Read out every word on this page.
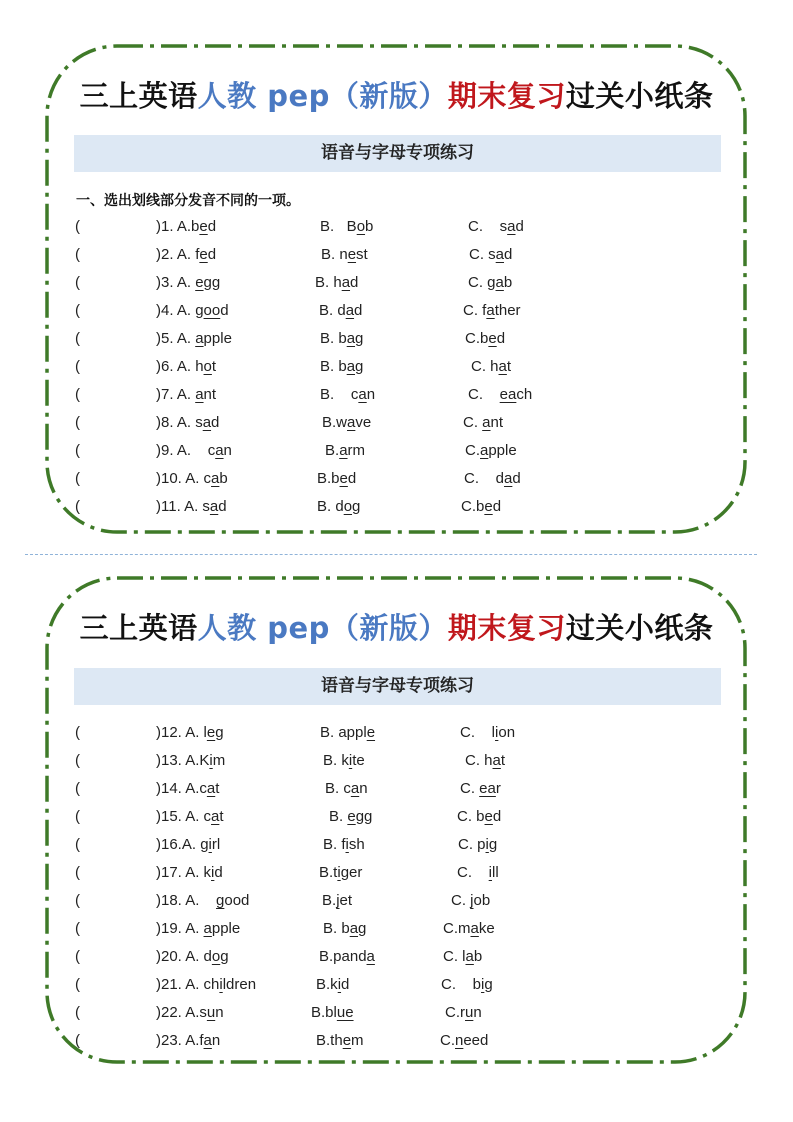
三上英语人教 pep（新版）期末复习过关小纸条
语音与字母专项练习
一、选出划线部分发音不同的一项。
(	)1. A.bed	B.   Bob	C.    sad
(	)2. A. fed	B. nest	C. sad
(	)3. A. egg	B. had	C. gab
(	)4. A. good	B. dad	C. father
(	)5. A. apple	B. bag	C.bed
(	)6. A. hot	B. bag	C. hat
(	)7. A. ant	B.    can	C.    each
(	)8. A. sad	B.wave	C. ant
(	)9. A.    can	B.arm	C.apple
(	)10. A. cab	B.bed	C.    dad
(	)11. A. sad	B. dog	C.bed
三上英语人教 pep（新版）期末复习过关小纸条
语音与字母专项练习
(	)12. A. leg	B. apple	C.    lion
(	)13. A.Kim	B. kite	C. hat
(	)14. A.cat	B. can	C. ear
(	)15. A. cat	B. egg	C. bed
(	)16.A. girl	B. fish	C. pig
(	)17. A. kid	B.tiger	C.    ill
(	)18. A.    good	B.jet	C. job
(	)19. A. apple	B. bag	C.make
(	)20. A. dog	B.panda	C. lab
(	)21. A. children	B.kid	C.    big
(	)22. A.sun	B.blue	C.run
(	)23. A.fan	B.them	C.need
